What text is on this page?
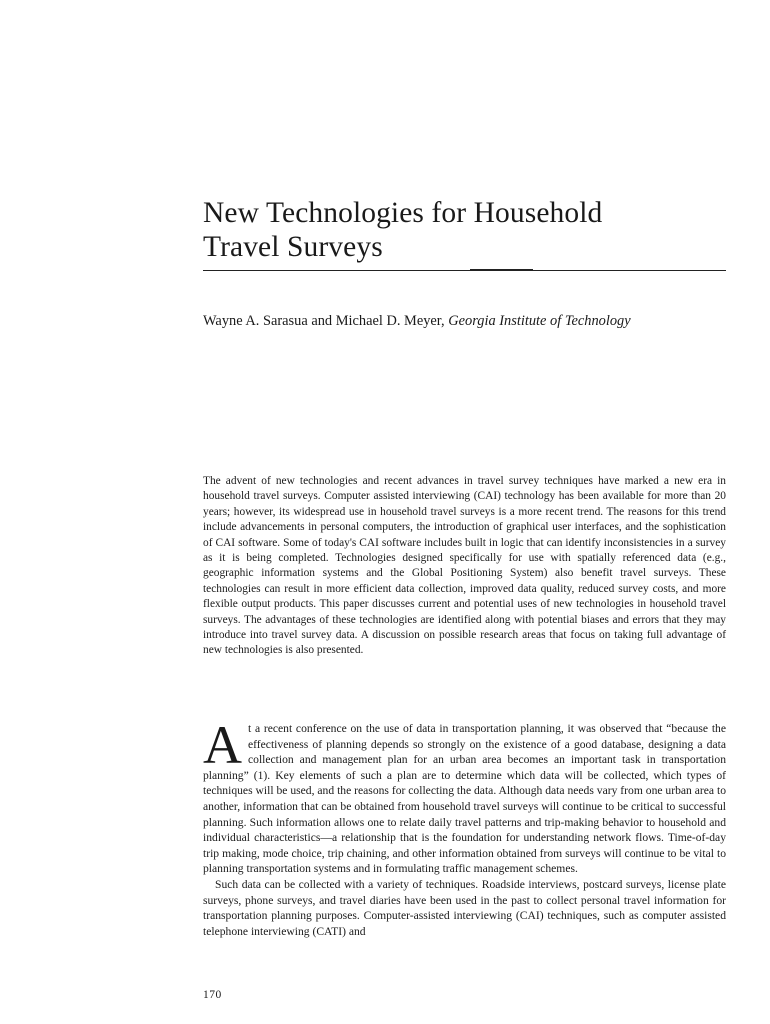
New Technologies for Household
Travel Surveys
Wayne A. Sarasua and Michael D. Meyer, Georgia Institute of Technology

The advent of new technologies and recent advances in travel survey techniques have marked a new era in household travel surveys. Computer assisted interviewing (CAI) technology has been available for more than 20 years; however, its widespread use in household travel surveys is a more recent trend. The reasons for this trend include advancements in personal computers, the introduction of graphical user interfaces, and the sophistication of CAI software. Some of today's CAI software includes built in logic that can identify inconsistencies in a survey as it is being completed. Technologies designed specifically for use with spatially referenced data (e.g., geographic information systems and the Global Positioning System) also benefit travel surveys. These technologies can result in more efficient data collection, improved data quality, reduced survey costs, and more flexible output products. This paper discusses current and potential uses of new technologies in household travel surveys. The advantages of these technologies are identified along with potential biases and errors that they may introduce into travel survey data. A discussion on possible research areas that focus on taking full advantage of new technologies is also presented.

At a recent conference on the use of data in transportation planning, it was observed that “because the effectiveness of planning depends so strongly on the existence of a good database, designing a data collection and management plan for an urban area becomes an important task in transportation planning” (1). Key elements of such a plan are to determine which data will be collected, which types of techniques will be used, and the reasons for collecting the data. Although data needs vary from one urban area to another, information that can be obtained from household travel surveys will continue to be critical to successful planning. Such information allows one to relate daily travel patterns and trip-making behavior to household and individual characteristics—a relationship that is the foundation for understanding network flows. Time-of-day trip making, mode choice, trip chaining, and other information obtained from surveys will continue to be vital to planning transportation systems and in formulating traffic management schemes.

Such data can be collected with a variety of techniques. Roadside interviews, postcard surveys, license plate surveys, phone surveys, and travel diaries have been used in the past to collect personal travel information for transportation planning purposes. Computer-assisted interviewing (CAI) techniques, such as computer assisted telephone interviewing (CATI) and

170
